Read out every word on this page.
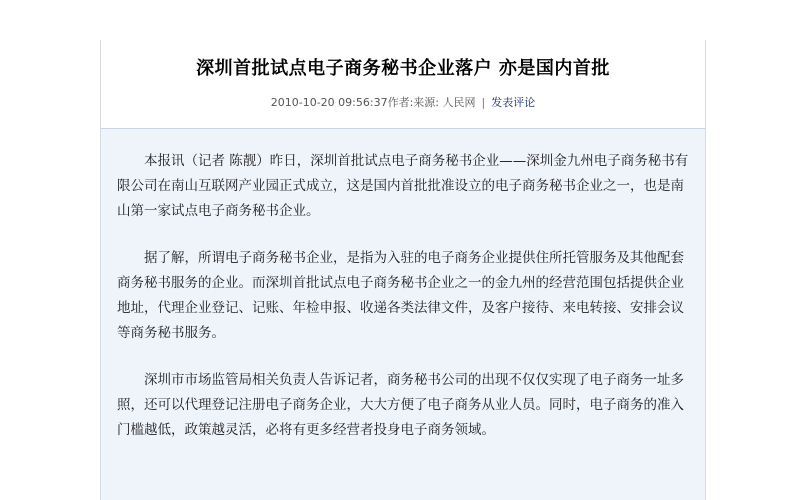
深圳首批试点电子商务秘书企业落户 亦是国内首批
2010-10-20 09:56:37作者:来源: 人民网 | 发表评论

本报讯（记者 陈靓）昨日，深圳首批试点电子商务秘书企业——深圳金九州电子商务秘书有限公司在南山互联网产业园正式成立，这是国内首批批准设立的电子商务秘书企业之一，也是南山第一家试点电子商务秘书企业。

据了解，所谓电子商务秘书企业，是指为入驻的电子商务企业提供住所托管服务及其他配套商务秘书服务的企业。而深圳首批试点电子商务秘书企业之一的金九州的经营范围包括提供企业地址，代理企业登记、记账、年检申报、收递各类法律文件，及客户接待、来电转接、安排会议等商务秘书服务。

深圳市市场监管局相关负责人告诉记者，商务秘书公司的出现不仅仅实现了电子商务一址多照，还可以代理登记注册电子商务企业，大大方便了电子商务从业人员。同时，电子商务的准入门槛越低，政策越灵活，必将有更多经营者投身电子商务领域。
